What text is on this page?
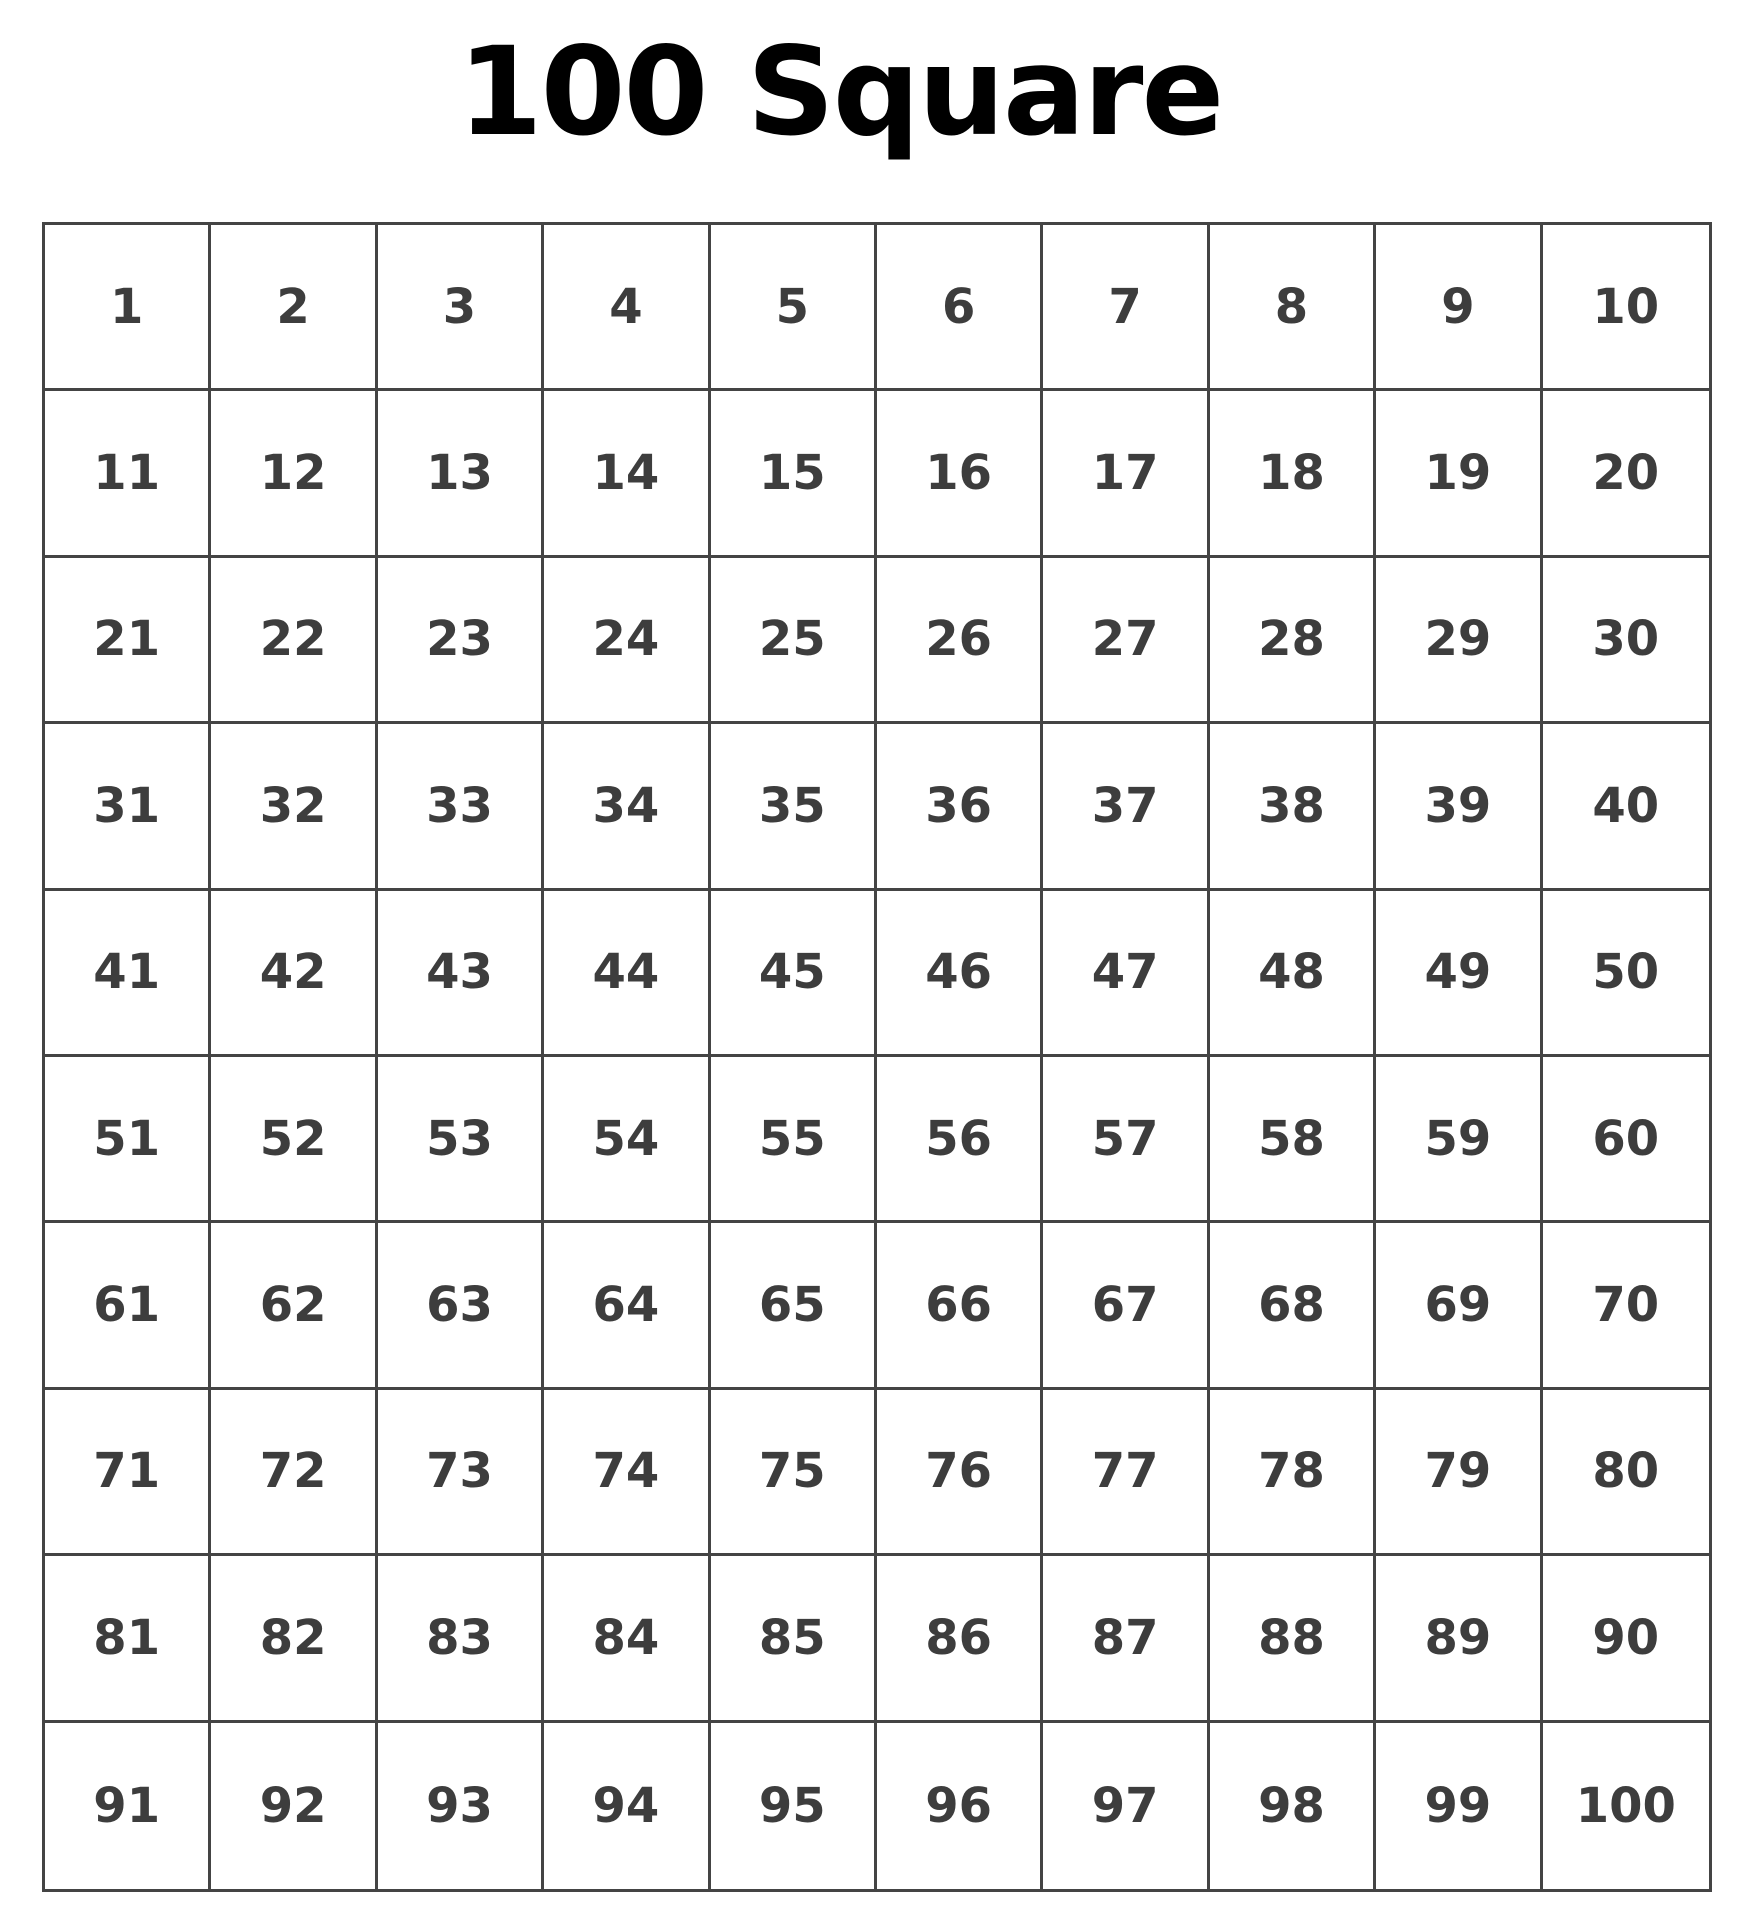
100 Square
1	2	3	4	5	6	7	8	9	10
11	12	13	14	15	16	17	18	19	20
21	22	23	24	25	26	27	28	29	30
31	32	33	34	35	36	37	38	39	40
41	42	43	44	45	46	47	48	49	50
51	52	53	54	55	56	57	58	59	60
61	62	63	64	65	66	67	68	69	70
71	72	73	74	75	76	77	78	79	80
81	82	83	84	85	86	87	88	89	90
91	92	93	94	95	96	97	98	99	100
